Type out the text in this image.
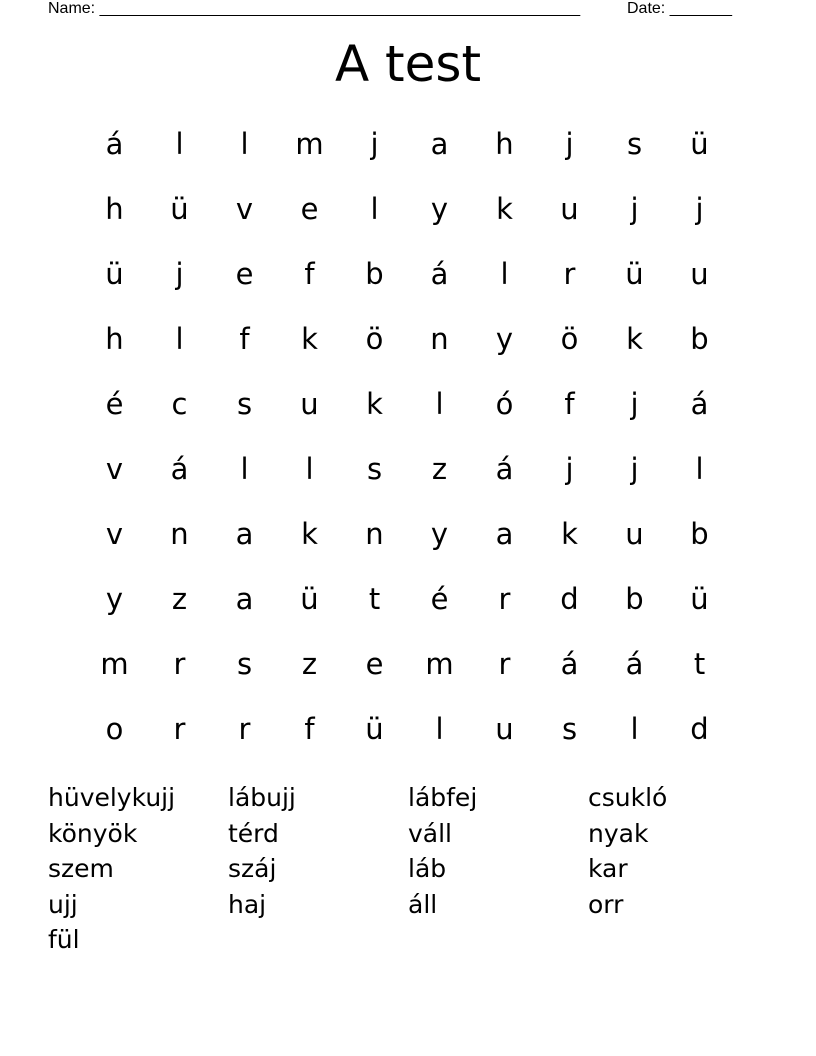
Name: ______________________________________________________

	Date: _______

A test
á	l	l	m	j	a	h	j	s	ü
h	ü	v	e	l	y	k	u	j	j
ü	j	e	f	b	á	l	r	ü	u
h	l	f	k	ö	n	y	ö	k	b
é	c	s	u	k	l	ó	f	j	á
v	á	l	l	s	z	á	j	j	l
v	n	a	k	n	y	a	k	u	b
y	z	a	ü	t	é	r	d	b	ü
m	r	s	z	e	m	r	á	á	t
o	r	r	f	ü	l	u	s	l	d
hüvelykujj	lábujj	lábfej	csukló
könyök	térd	váll	nyak
szem	száj	láb	kar
ujj	haj	áll	orr
fül
